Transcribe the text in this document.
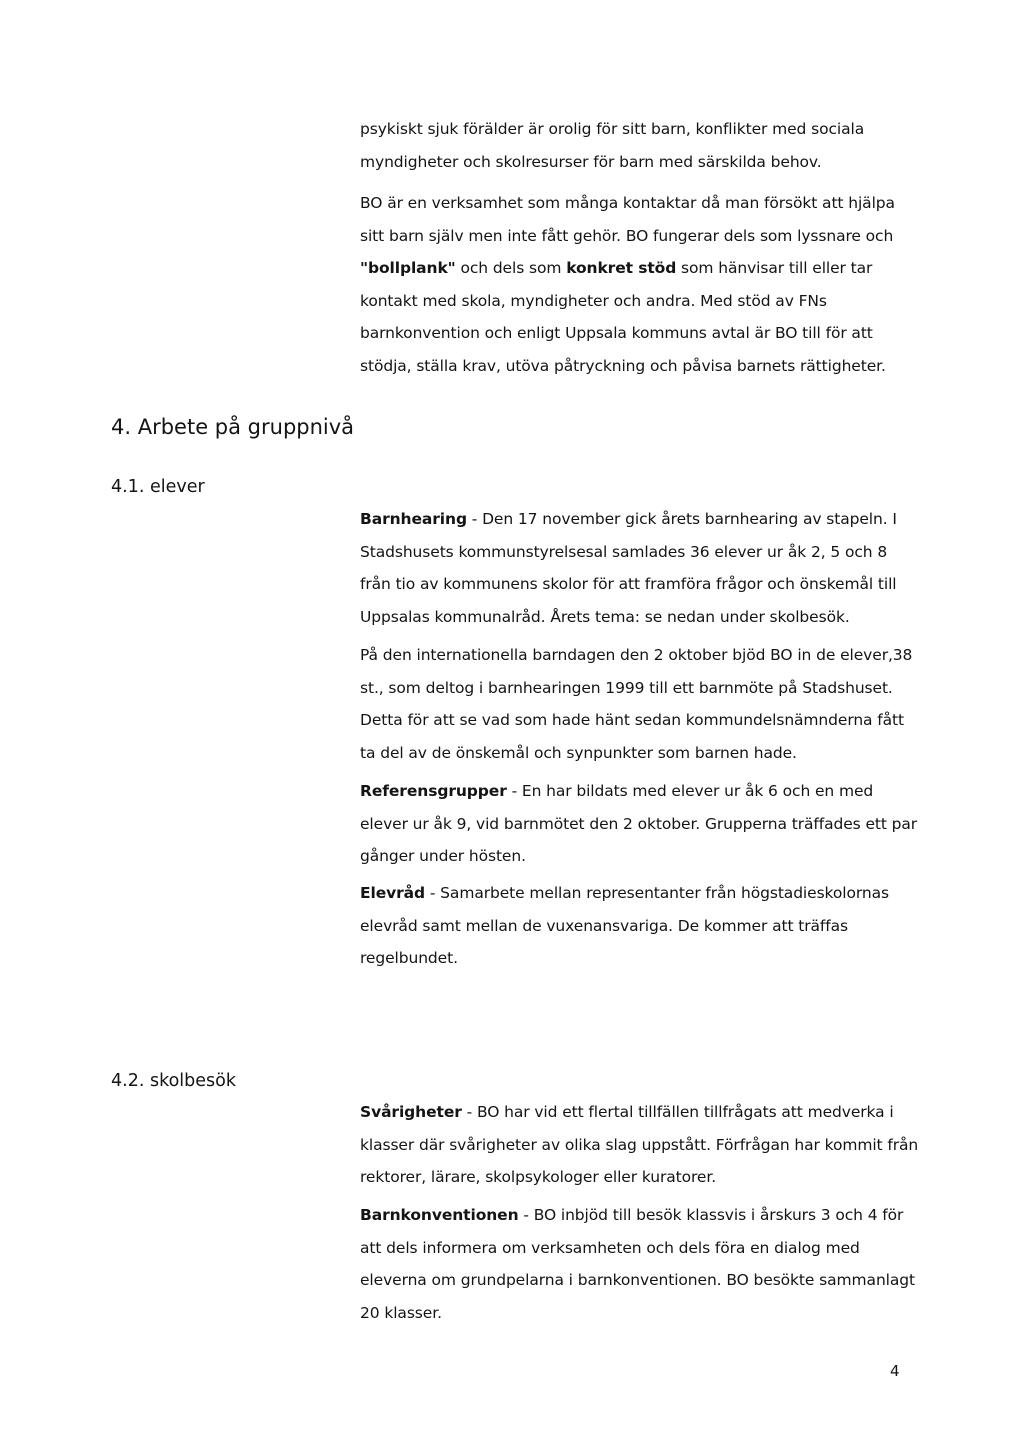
psykiskt sjuk förälder är orolig för sitt barn, konflikter med sociala
myndigheter och skolresurser för barn med särskilda behov.

BO är en verksamhet som många kontaktar då man försökt att hjälpa sitt barn själv men inte fått gehör. BO fungerar dels som lyssnare och "bollplank" och dels som konkret stöd som hänvisar till eller tar kontakt med skola, myndigheter och andra. Med stöd av FNs barnkonvention och enligt Uppsala kommuns avtal är BO till för att stödja, ställa krav, utöva påtryckning och påvisa barnets rättigheter.

4. Arbete på gruppnivå
4.1. elever

Barnhearing - Den 17 november gick årets barnhearing av stapeln. I Stadshusets kommunstyrelsesal samlades 36 elever ur åk 2, 5 och 8 från tio av kommunens skolor för att framföra frågor och önskemål till Uppsalas kommunalråd. Årets tema: se nedan under skolbesök.

På den internationella barndagen den 2 oktober bjöd BO in de elever,38 st., som deltog i barnhearingen 1999 till ett barnmöte på Stadshuset. Detta för att se vad som hade hänt sedan kommundelsnämnderna fått ta del av de önskemål och synpunkter som barnen hade.

Referensgrupper - En har bildats med elever ur åk 6 och en med elever ur åk 9, vid barnmötet den 2 oktober. Grupperna träffades ett par gånger under hösten.

Elevråd - Samarbete mellan representanter från högstadieskolornas elevråd samt mellan de vuxenansvariga. De kommer att träffas regelbundet.

4.2. skolbesök

Svårigheter - BO har vid ett flertal tillfällen tillfrågats att medverka i klasser där svårigheter av olika slag uppstått. Förfrågan har kommit från rektorer, lärare, skolpsykologer eller kuratorer.

Barnkonventionen - BO inbjöd till besök klassvis i årskurs 3 och 4 för att dels informera om verksamheten och dels föra en dialog med eleverna om grundpelarna i barnkonventionen. BO besökte sammanlagt 20 klasser.

4
